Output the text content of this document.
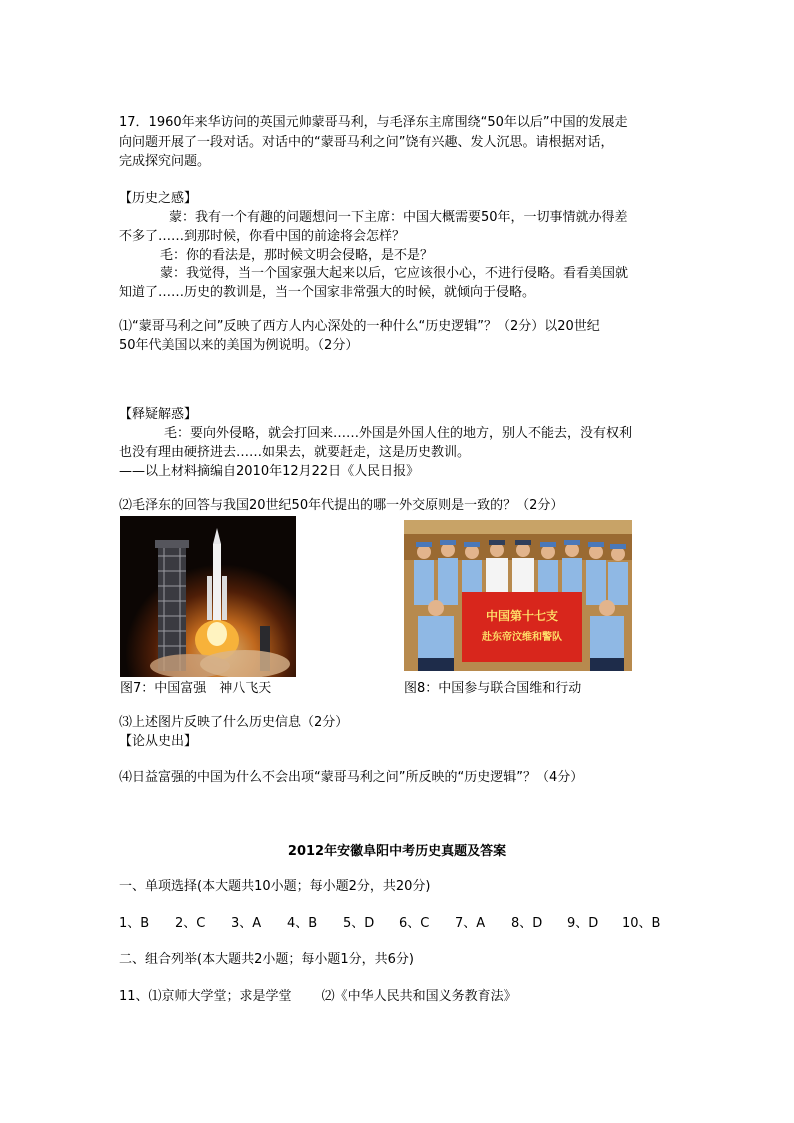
17．1960年来华访问的英国元帅蒙哥马利，与毛泽东主席围绕“50年以后”中国的发展走
向问题开展了一段对话。对话中的“蒙哥马利之问”饶有兴趣、发人沉思。请根据对话，
完成探究问题。
【历史之感】
蒙：我有一个有趣的问题想问一下主席：中国大概需要50年，一切事情就办得差
不多了……到那时候，你看中国的前途将会怎样？
毛：你的看法是，那时候文明会侵略，是不是？
蒙：我觉得，当一个国家强大起来以后，它应该很小心，不进行侵略。看看美国就
知道了……历史的教训是，当一个国家非常强大的时候，就倾向于侵略。
⑴“蒙哥马利之问”反映了西方人内心深处的一种什么“历史逻辑”？（2分）以20世纪
50年代美国以来的美国为例说明。（2分）
【释疑解惑】
毛：要向外侵略，就会打回来……外国是外国人住的地方，别人不能去，没有权利
也没有理由硬挤进去……如果去，就要赶走，这是历史教训。
——以上材料摘编自2010年12月22日《人民日报》
⑵毛泽东的回答与我国20世纪50年代提出的哪一外交原则是一致的？（2分）
图7：中国富强　神八飞天
中国第十七支
赴东帝汶维和警队
图8：中国参与联合国维和行动
⑶上述图片反映了什么历史信息（2分）
【论从史出】
⑷日益富强的中国为什么不会出项“蒙哥马利之问”所反映的“历史逻辑”？（4分）
2012年安徽阜阳中考历史真题及答案
一、单项选择(本大题共10小题；每小题2分，共20分)
1、B 2、C 3、A 4、B 5、D 6、C 7、A 8、D 9、D 10、B
二、组合列举(本大题共2小题；每小题1分，共6分)
11、⑴京师大学堂；求是学堂　　 ⑵《中华人民共和国义务教育法》
